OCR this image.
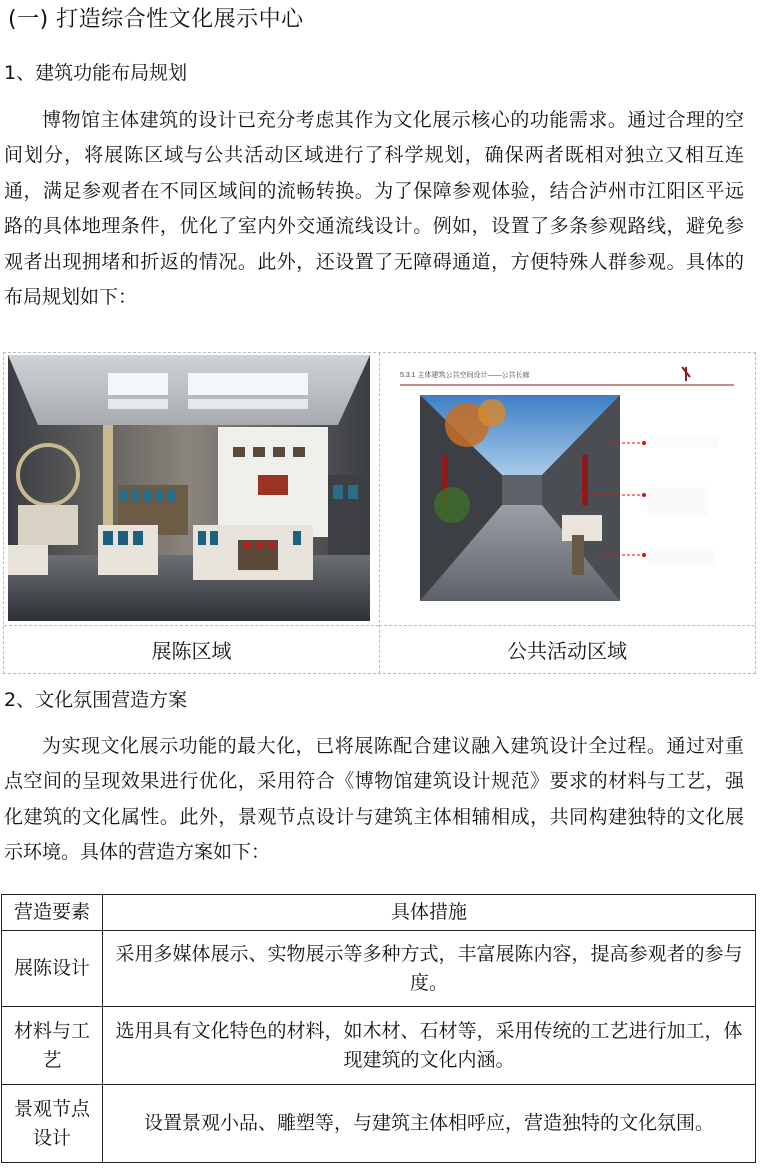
(一) 打造综合性文化展示中心
1、建筑功能布局规划

博物馆主体建筑的设计已充分考虑其作为文化展示核心的功能需求。通过合理的空间划分，将展陈区域与公共活动区域进行了科学规划，确保两者既相对独立又相互连通，满足参观者在不同区域间的流畅转换。为了保障参观体验，结合泸州市江阳区平远路的具体地理条件，优化了室内外交通流线设计。例如，设置了多条参观路线，避免参观者出现拥堵和折返的情况。此外，还设置了无障碍通道，方便特殊人群参观。具体的布局规划如下：

5.3.1 主体建筑公共空间设计——公共长廊
展陈区域	公共活动区域
2、文化氛围营造方案

为实现文化展示功能的最大化，已将展陈配合建议融入建筑设计全过程。通过对重点空间的呈现效果进行优化，采用符合《博物馆建筑设计规范》要求的材料与工艺，强化建筑的文化属性。此外，景观节点设计与建筑主体相辅相成，共同构建独特的文化展示环境。具体的营造方案如下：

营造要素	具体措施
展陈设计	采用多媒体展示、实物展示等多种方式，丰富展陈内容，提高参观者的参与度。
材料与工艺	选用具有文化特色的材料，如木材、石材等，采用传统的工艺进行加工，体现建筑的文化内涵。
景观节点设计	设置景观小品、雕塑等，与建筑主体相呼应，营造独特的文化氛围。
